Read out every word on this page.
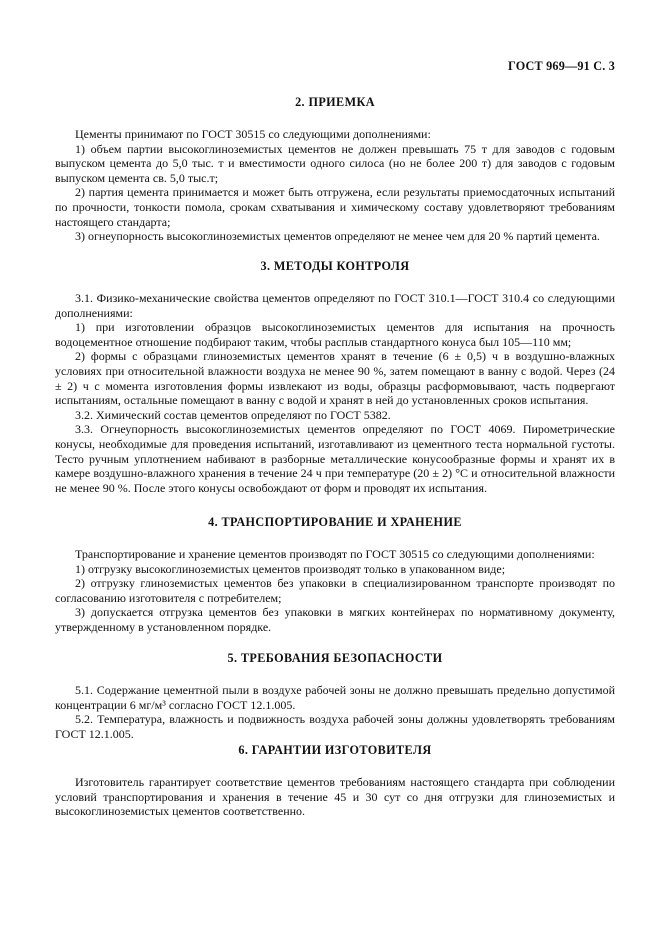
ГОСТ 969—91 С. 3
2. ПРИЕМКА

Цементы принимают по ГОСТ 30515 со следующими дополнениями:

1) объем партии высокоглиноземистых цементов не должен превышать 75 т для заводов с годовым выпуском цемента до 5,0 тыс. т и вместимости одного силоса (но не более 200 т) для заводов с годовым выпуском цемента св. 5,0 тыс.т;

2) партия цемента принимается и может быть отгружена, если результаты приемосдаточных испытаний по прочности, тонкости помола, срокам схватывания и химическому составу удовлетворяют требованиям настоящего стандарта;

3) огнеупорность высокоглиноземистых цементов определяют не менее чем для 20 % партий цемента.

3. МЕТОДЫ КОНТРОЛЯ

3.1. Физико-механические свойства цементов определяют по ГОСТ 310.1—ГОСТ 310.4 со следующими дополнениями:

1) при изготовлении образцов высокоглиноземистых цементов для испытания на прочность водоцементное отношение подбирают таким, чтобы расплыв стандартного конуса был 105—110 мм;

2) формы с образцами глиноземистых цементов хранят в течение (6 ± 0,5) ч в воздушно-влажных условиях при относительной влажности воздуха не менее 90 %, затем помещают в ванну с водой. Через (24 ± 2) ч с момента изготовления формы извлекают из воды, образцы расформовывают, часть подвергают испытаниям, остальные помещают в ванну с водой и хранят в ней до установленных сроков испытания.

3.2. Химический состав цементов определяют по ГОСТ 5382.

3.3. Огнеупорность высокоглиноземистых цементов определяют по ГОСТ 4069. Пирометрические конусы, необходимые для проведения испытаний, изготавливают из цементного теста нормальной густоты. Тесто ручным уплотнением набивают в разборные металлические конусообразные формы и хранят их в камере воздушно-влажного хранения в течение 24 ч при температуре (20 ± 2) °С и относительной влажности не менее 90 %. После этого конусы освобождают от форм и проводят их испытания.

4. ТРАНСПОРТИРОВАНИЕ И ХРАНЕНИЕ

Транспортирование и хранение цементов производят по ГОСТ 30515 со следующими дополнениями:

1) отгрузку высокоглиноземистых цементов производят только в упакованном виде;

2) отгрузку глиноземистых цементов без упаковки в специализированном транспорте производят по согласованию изготовителя с потребителем;

3) допускается отгрузка цементов без упаковки в мягких контейнерах по нормативному документу, утвержденному в установленном порядке.

5. ТРЕБОВАНИЯ БЕЗОПАСНОСТИ

5.1. Содержание цементной пыли в воздухе рабочей зоны не должно превышать предельно допустимой концентрации 6 мг/м³ согласно ГОСТ 12.1.005.

5.2. Температура, влажность и подвижность воздуха рабочей зоны должны удовлетворять требованиям ГОСТ 12.1.005.

6. ГАРАНТИИ ИЗГОТОВИТЕЛЯ

Изготовитель гарантирует соответствие цементов требованиям настоящего стандарта при соблюдении условий транспортирования и хранения в течение 45 и 30 сут со дня отгрузки для глиноземистых и высокоглиноземистых цементов соответственно.
